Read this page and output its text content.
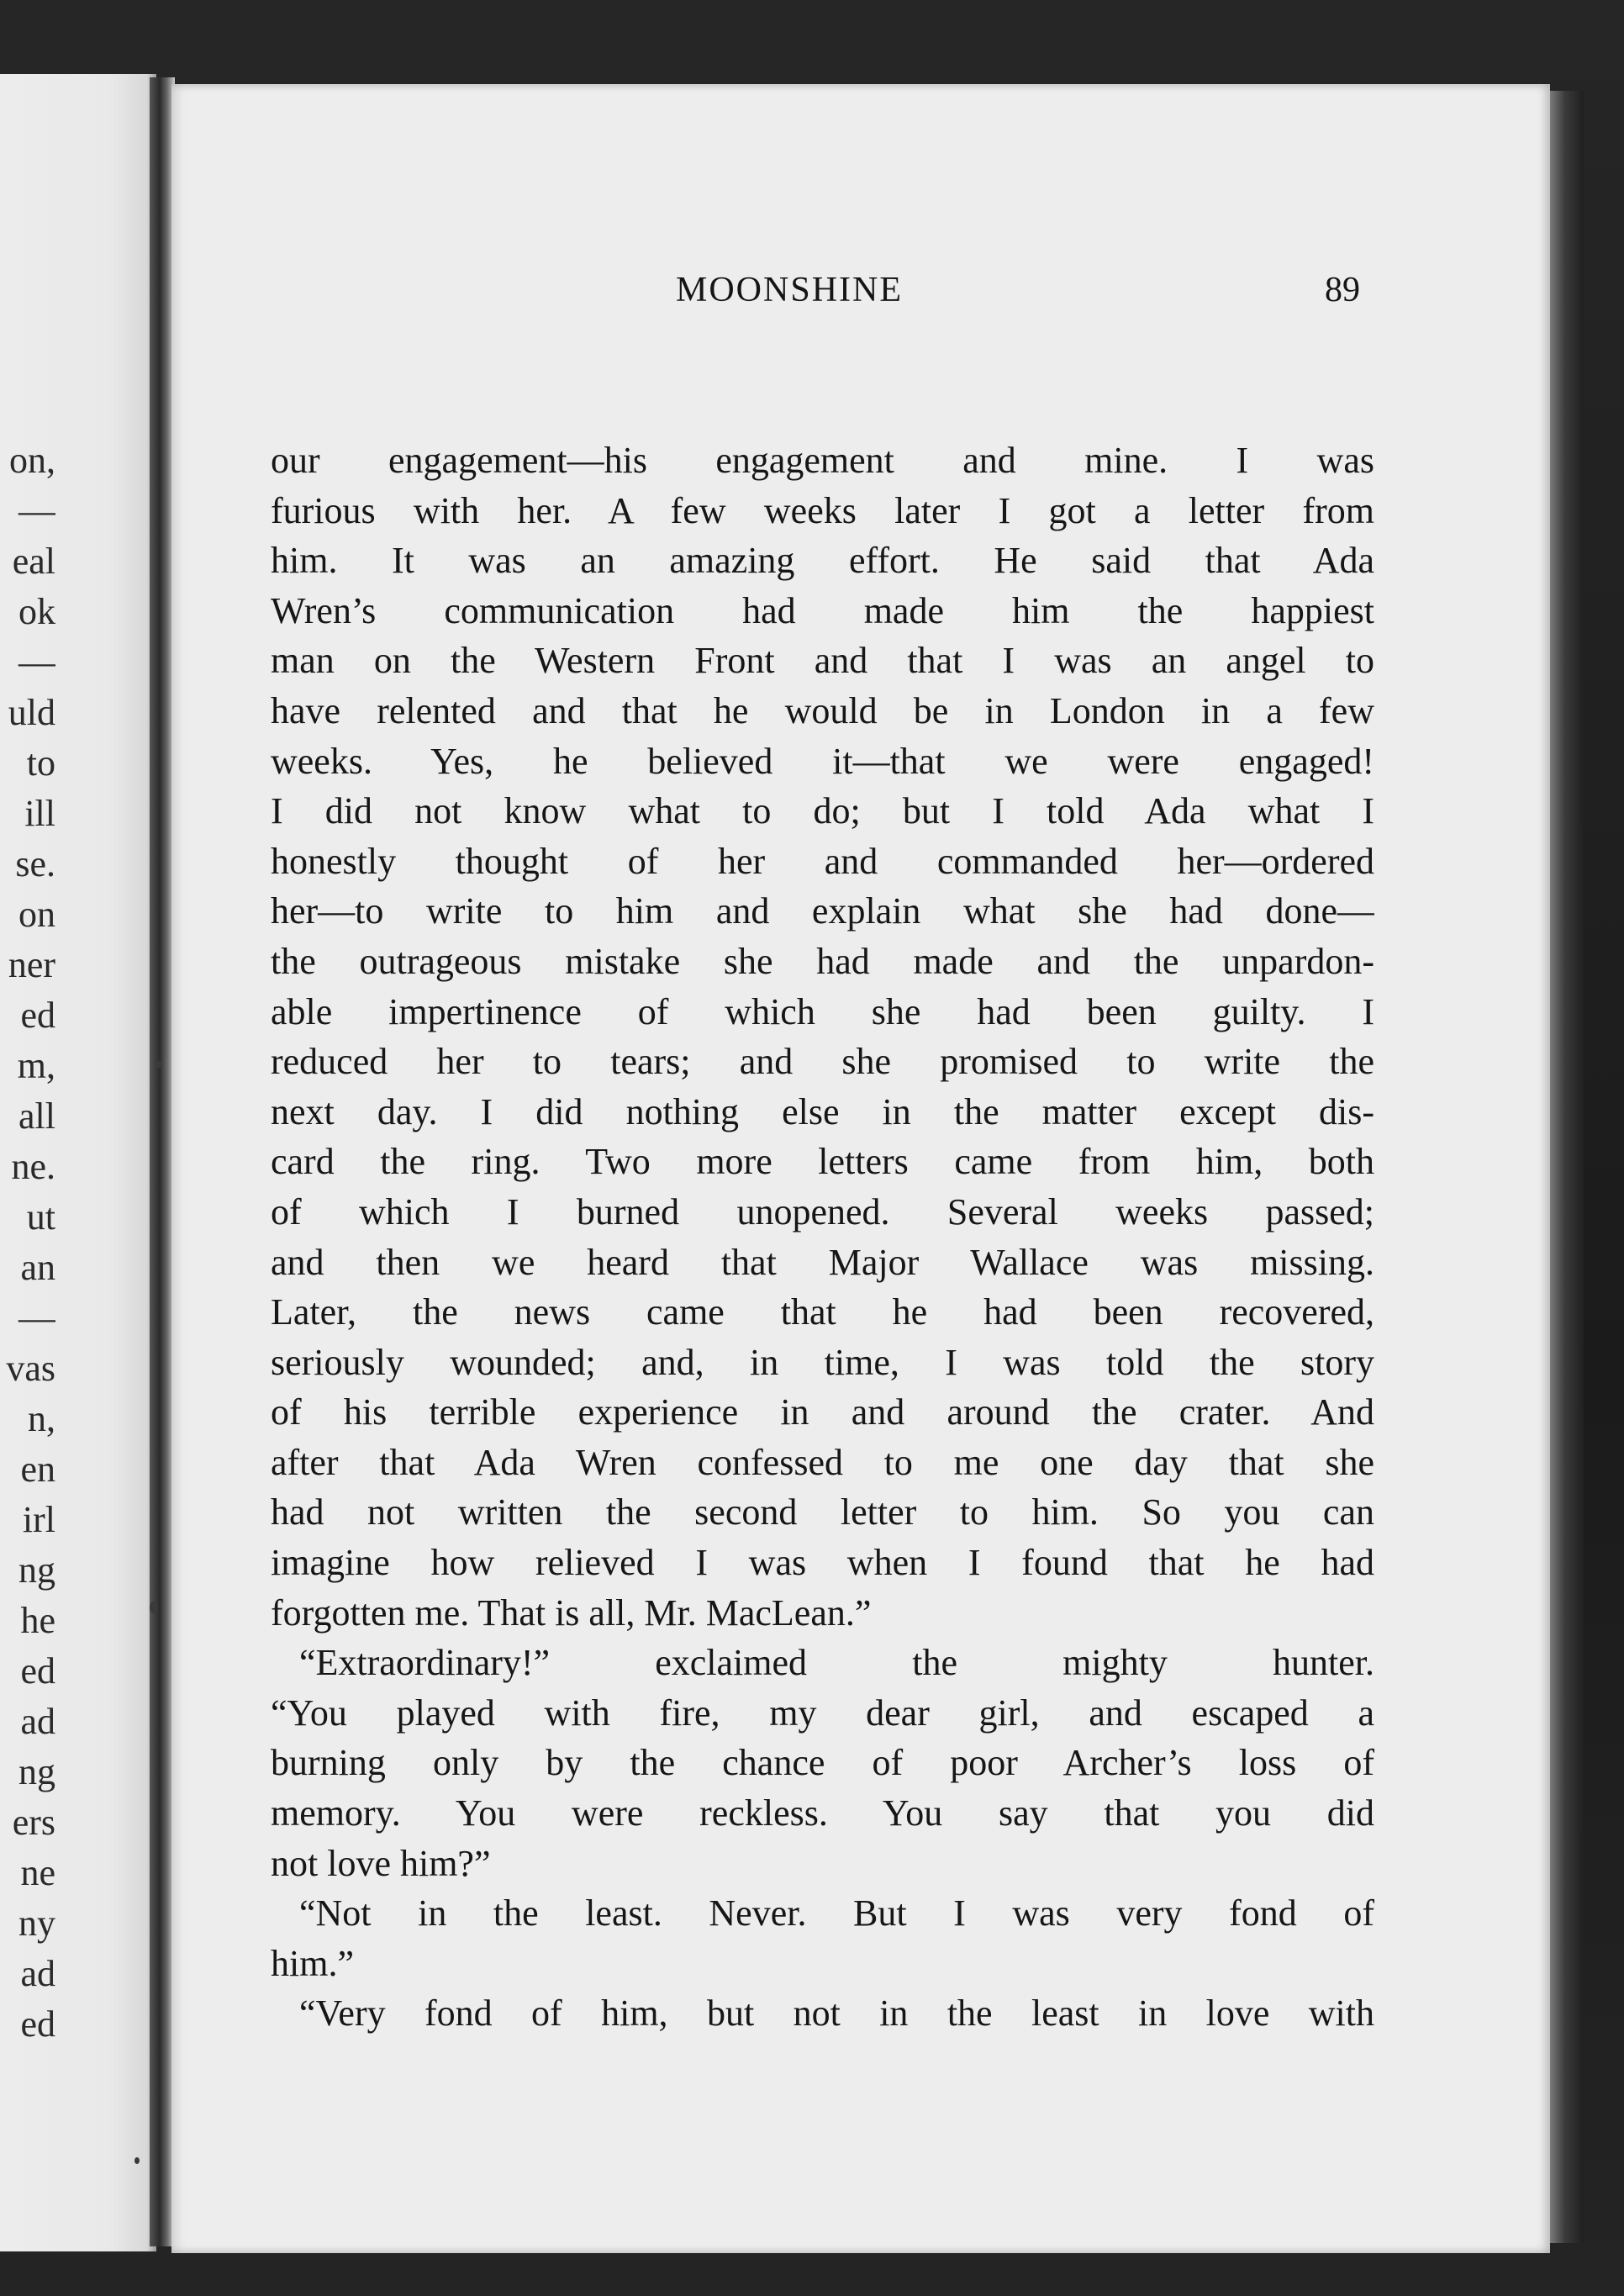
on,
—
eal
ok
—
uld
to
ill
se.
on
ner
ed
m,
all
ne.
ut
an
—
vas
n,
en
irl
ng
he
ed
ad
ng
ers
ne
ny
ad
ed
MOONSHINE	89
our engagement—his engagement and mine. I was
furious with her. A few weeks later I got a letter from
him. It was an amazing effort. He said that Ada
Wren’s communication had made him the happiest
man on the Western Front and that I was an angel to
have relented and that he would be in London in a few
weeks. Yes, he believed it—that we were engaged!
I did not know what to do; but I told Ada what I
honestly thought of her and commanded her—ordered
her—to write to him and explain what she had done—
the outrageous mistake she had made and the unpardon-
able impertinence of which she had been guilty. I
reduced her to tears; and she promised to write the
next day. I did nothing else in the matter except dis-
card the ring. Two more letters came from him, both
of which I burned unopened. Several weeks passed;
and then we heard that Major Wallace was missing.
Later, the news came that he had been recovered,
seriously wounded; and, in time, I was told the story
of his terrible experience in and around the crater. And
after that Ada Wren confessed to me one day that she
had not written the second letter to him. So you can
imagine how relieved I was when I found that he had
forgotten me. That is all, Mr. MacLean.”
“Extraordinary!” exclaimed the mighty hunter.
“You played with fire, my dear girl, and escaped a
burning only by the chance of poor Archer’s loss of
memory. You were reckless. You say that you did
not love him?”
“Not in the least. Never. But I was very fond of
him.”
“Very fond of him, but not in the least in love with
